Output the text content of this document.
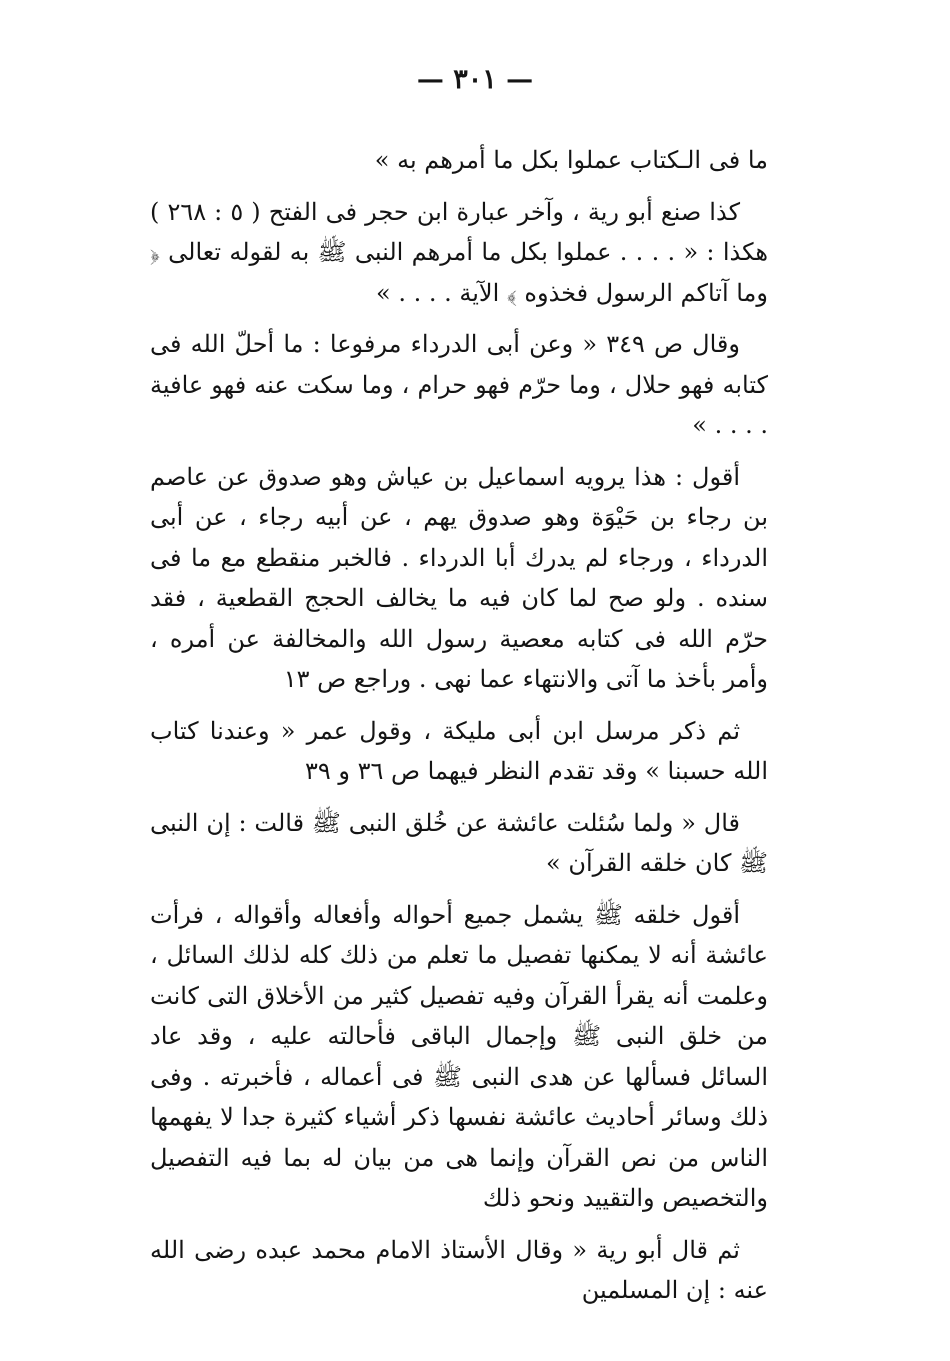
— ٣٠١ —

ما فى الـكتاب عملوا بكل ما أمرهم به »

كذا صنع أبو رية ، وآخر عبارة ابن حجر فى الفتح ( ٥ : ٢٦٨ ) هكذا : « . . . . عملوا بكل ما أمرهم النبى ﷺ به لقوله تعالى ﴿ وما آتاكم الرسول فخذوه ﴾ الآية . . . . »

وقال ص ٣٤٩ « وعن أبى الدرداء مرفوعا : ما أحلّ الله فى كتابه فهو حلال ، وما حرّم فهو حرام ، وما سكت عنه فهو عافية . . . . »

أقول : هذا يرويه اسماعيل بن عياش وهو صدوق عن عاصم بن رجاء بن حَيْوَة وهو صدوق يهم ، عن أبيه رجاء ، عن أبى الدرداء ، ورجاء لم يدرك أبا الدرداء . فالخبر منقطع مع ما فى سنده . ولو صح لما كان فيه ما يخالف الحجج القطعية ، فقد حرّم الله فى كتابه معصية رسول الله والمخالفة عن أمره ، وأمر بأخذ ما آتى والانتهاء عما نهى . وراجع ص ١٣

ثم ذكر مرسل ابن أبى مليكة ، وقول عمر « وعندنا كتاب الله حسبنا » وقد تقدم النظر فيهما ص ٣٦ و ٣٩

قال « ولما سُئلت عائشة عن خُلق النبى ﷺ قالت : إن النبى ﷺ كان خلقه القرآن »

أقول خلقه ﷺ يشمل جميع أحواله وأفعاله وأقواله ، فرأت عائشة أنه لا يمكنها تفصيل ما تعلم من ذلك كله لذلك السائل ، وعلمت أنه يقرأ القرآن وفيه تفصيل كثير من الأخلاق التى كانت من خلق النبى ﷺ وإجمال الباقى فأحالته عليه ، وقد عاد السائل فسألها عن هدى النبى ﷺ فى أعماله ، فأخبرته . وفى ذلك وسائر أحاديث عائشة نفسها ذكر أشياء كثيرة جدا لا يفهمها الناس من نص القرآن وإنما هى من بيان له بما فيه التفصيل والتخصيص والتقييد ونحو ذلك

ثم قال أبو رية « وقال الأستاذ الامام محمد عبده رضى الله عنه : إن المسلمين
